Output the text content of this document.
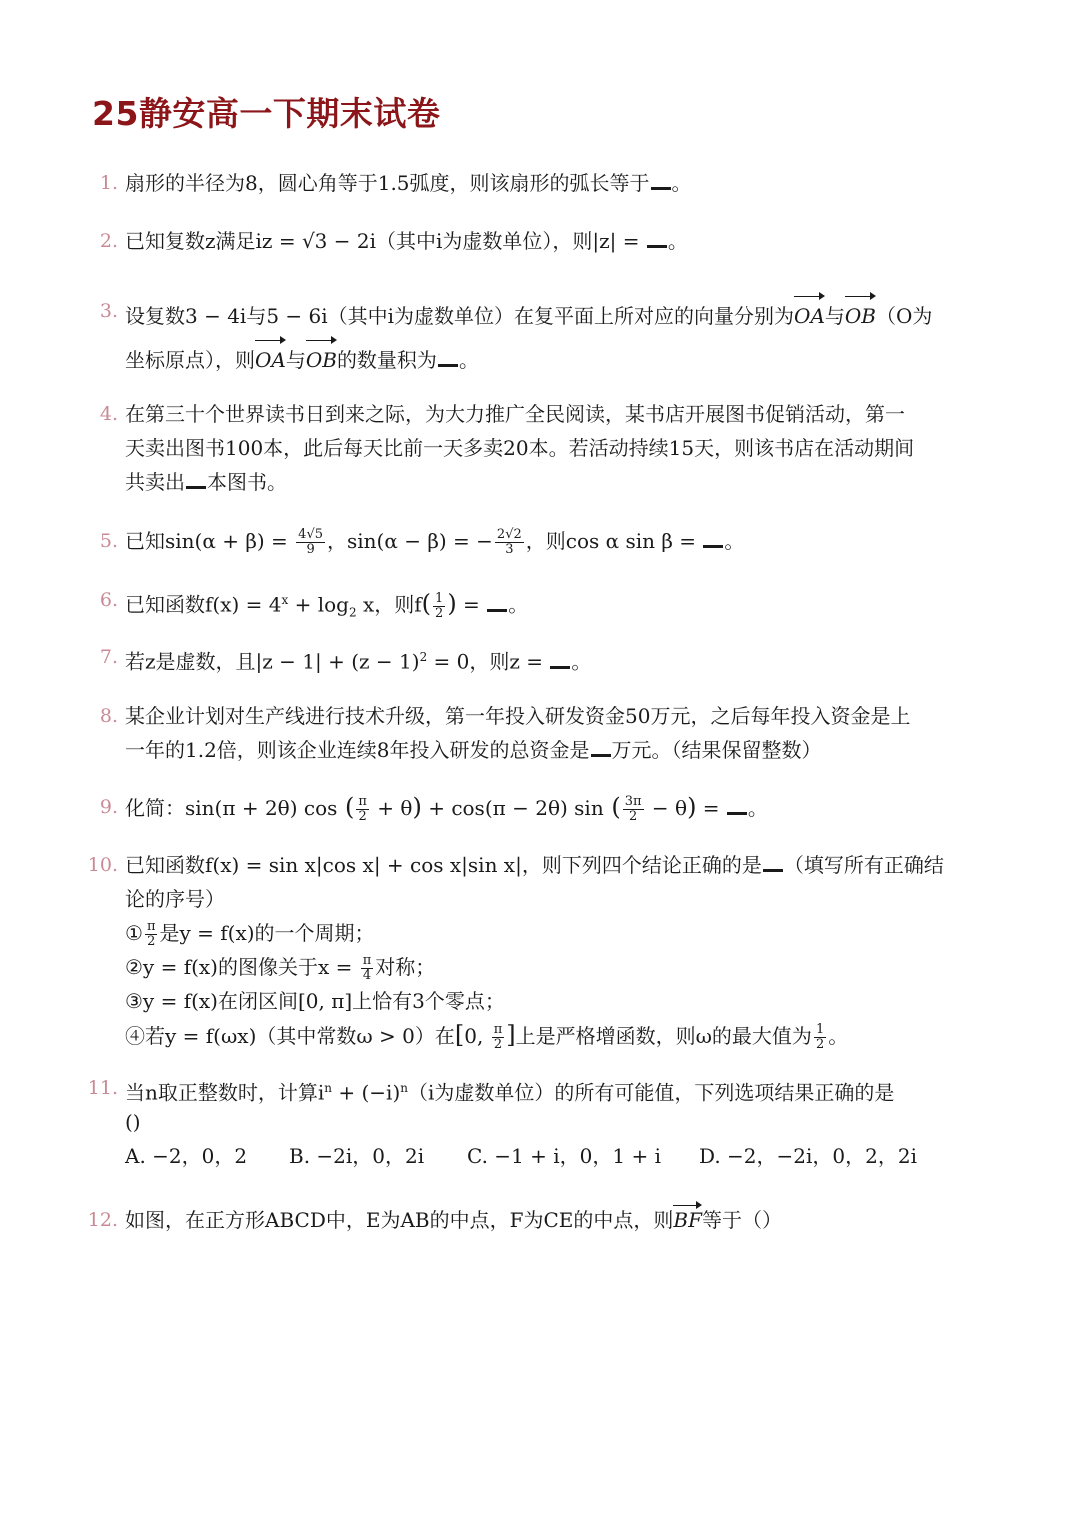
25静安高一下期末试卷
1. 扇形的半径为8，圆心角等于1.5弧度，则该扇形的弧长等于 。
2. 已知复数z满足iz = √3 − 2i（其中i为虚数单位），则|z| = 。
3. 设复数3 − 4i与5 − 6i（其中i为虚数单位）在复平面上所对应的向量分别为OA与OB（O为
坐标原点），则OA与OB的数量积为 。
4. 在第三十个世界读书日到来之际，为大力推广全民阅读，某书店开展图书促销活动，第一
天卖出图书100本，此后每天比前一天多卖20本。若活动持续15天，则该书店在活动期间
共卖出 本图书。
5. 已知$\sin(\alpha + \beta) = \frac{4√5}{9}$ ，sin(α − β) = − $\frac{2√2}{3}$ ，则cos α sin β = 。
6. 已知函数$f(x) = 4^x + \log_2 x$，则$f( \frac{1}{2}$ ) = 。
7. 若z是虚数，且$|z - 1| + (z - 1)^2 = 0$，则z = 。
8. 某企业计划对生产线进行技术升级，第一年投入研发资金50万元，之后每年投入资金是上
一年的1.2倍，则该企业连续8年投入研发的总资金是 万元。（结果保留整数）
9. 化简：sin(π + 2θ) cos ( $\frac{\pi}{2} + \theta) + \cos(\pi - 2\theta)$ sin ( $\frac{3\pi}{2} - \theta$) = 。
10. 已知函数f(x) = sin x|cos x| + cos x|sin x|，则下列四个结论正确的是 （填写所有正确结
论的序号）
① $\frac{\pi}{2}$ 是y = f(x)的一个周期；
②y = f(x)的图像关于$x = \frac{\pi}{4}$ 对称；
③y = f(x)在闭区间[0, π]上恰有3个零点；
④若y = f(ωx)（其中常数ω > 0）在[0, $\frac{\pi}{2}$ ]上是严格增函数，则ω的最大值为 $\frac{1}{2}$ 。
11. 当n取正整数时，计算$i^n + (-i)^n(i$为虚数单位）的所有可能值，下列选项结果正确的是
()
A. −2，0，2 B. −2i，0，2i C. −1 + i，0，1 + i D. −2，−2i，0，2，2i
12. 如图，在正方形ABCD中，E为AB的中点，F为CE的中点，则BF等于（）
